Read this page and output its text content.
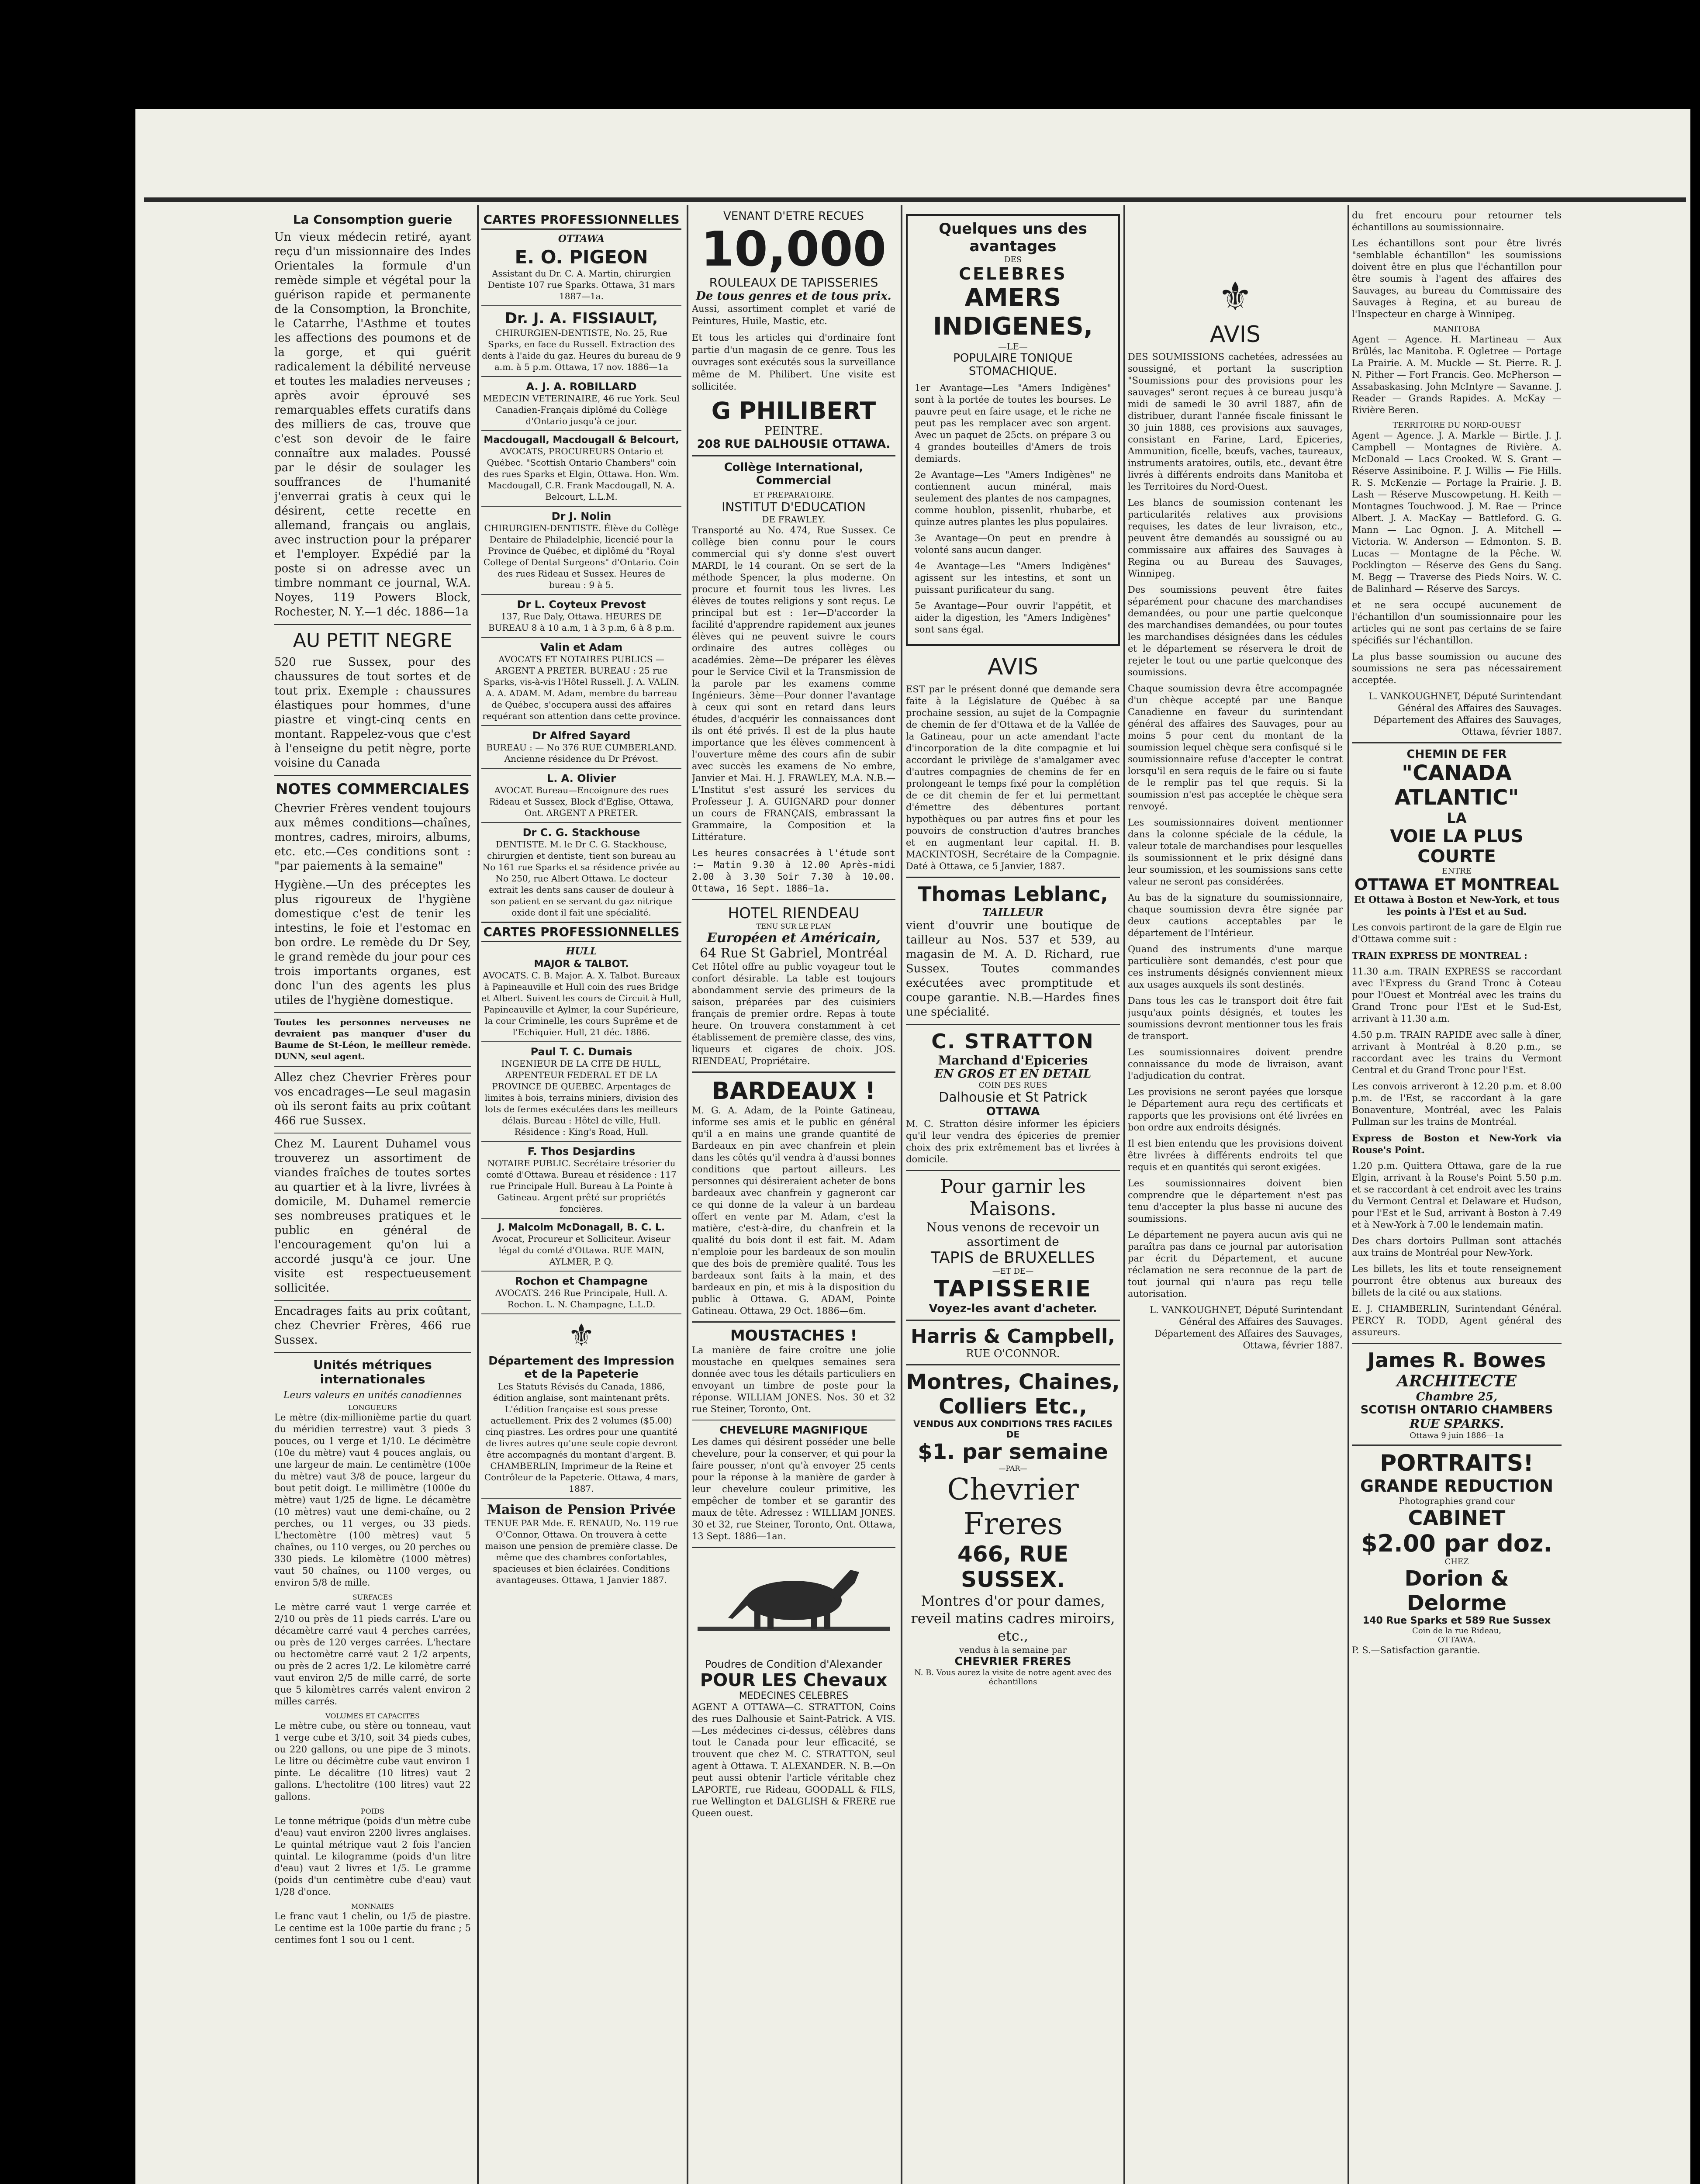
La Consomption guerie

Un vieux médecin retiré, ayant reçu d'un missionnaire des Indes Orientales la formule d'un remède simple et végétal pour la guérison rapide et permanente de la Consomption, la Bronchite, le Catarrhe, l'Asthme et toutes les affections des poumons et de la gorge, et qui guérit radicalement la débilité nerveuse et toutes les maladies nerveuses ; après avoir éprouvé ses remarquables effets curatifs dans des milliers de cas, trouve que c'est son devoir de le faire connaître aux malades. Poussé par le désir de soulager les souffrances de l'humanité j'enverrai gratis à ceux qui le désirent, cette recette en allemand, français ou anglais, avec instruction pour la préparer et l'employer. Expédié par la poste si on adresse avec un timbre nommant ce journal, W.A. Noyes, 119 Powers Block, Rochester, N. Y.—1 déc. 1886—1a

AU PETIT NEGRE

520 rue Sussex, pour des chaussures de tout sortes et de tout prix. Exemple : chaussures élastiques pour hommes, d'une piastre et vingt-cinq cents en montant. Rappelez-vous que c'est à l'enseigne du petit nègre, porte voisine du Canada

NOTES COMMERCIALES

Chevrier Frères vendent toujours aux mêmes conditions—chaînes, montres, cadres, miroirs, albums, etc. etc.—Ces conditions sont : "par paiements à la semaine"

Hygiène.—Un des préceptes les plus rigoureux de l'hygiène domestique c'est de tenir les intestins, le foie et l'estomac en bon ordre. Le remède du Dr Sey, le grand remède du jour pour ces trois importants organes, est donc l'un des agents les plus utiles de l'hygiène domestique.

Toutes les personnes nerveuses ne devraient pas manquer d'user du Baume de St-Léon, le meilleur remède. DUNN, seul agent.

Allez chez Chevrier Frères pour vos encadrages—Le seul magasin où ils seront faits au prix coûtant 466 rue Sussex.

Chez M. Laurent Duhamel vous trouverez un assortiment de viandes fraîches de toutes sortes au quartier et à la livre, livrées à domicile, M. Duhamel remercie ses nombreuses pratiques et le public en général de l'encouragement qu'on lui a accordé jusqu'à ce jour. Une visite est respectueusement sollicitée.

Encadrages faits au prix coûtant, chez Chevrier Frères, 466 rue Sussex.

Unités métriques internationales
Leurs valeurs en unités canadiennes
LONGUEURS

Le mètre (dix-millionième partie du quart du méridien terrestre) vaut 3 pieds 3 pouces, ou 1 verge et 1/10. Le décimètre (10e du mètre) vaut 4 pouces anglais, ou une largeur de main. Le centimètre (100e du mètre) vaut 3/8 de pouce, largeur du bout petit doigt. Le millimètre (1000e du mètre) vaut 1/25 de ligne. Le décamètre (10 mètres) vaut une demi-chaîne, ou 2 perches, ou 11 verges, ou 33 pieds. L'hectomètre (100 mètres) vaut 5 chaînes, ou 110 verges, ou 20 perches ou 330 pieds. Le kilomètre (1000 mètres) vaut 50 chaînes, ou 1100 verges, ou environ 5/8 de mille.

SURFACES

Le mètre carré vaut 1 verge carrée et 2/10 ou près de 11 pieds carrés. L'are ou décamètre carré vaut 4 perches carrées, ou près de 120 verges carrées. L'hectare ou hectomètre carré vaut 2 1/2 arpents, ou près de 2 acres 1/2. Le kilomètre carré vaut environ 2/5 de mille carré, de sorte que 5 kilomètres carrés valent environ 2 milles carrés.

VOLUMES ET CAPACITES

Le mètre cube, ou stère ou tonneau, vaut 1 verge cube et 3/10, soit 34 pieds cubes, ou 220 gallons, ou une pipe de 3 minots. Le litre ou décimètre cube vaut environ 1 pinte. Le décalitre (10 litres) vaut 2 gallons. L'hectolitre (100 litres) vaut 22 gallons.

POIDS

Le tonne métrique (poids d'un mètre cube d'eau) vaut environ 2200 livres anglaises. Le quintal métrique vaut 2 fois l'ancien quintal. Le kilogramme (poids d'un litre d'eau) vaut 2 livres et 1/5. Le gramme (poids d'un centimètre cube d'eau) vaut 1/28 d'once.

MONNAIES

Le franc vaut 1 chelin, ou 1/5 de piastre. Le centime est la 100e partie du franc ; 5 centimes font 1 sou ou 1 cent.

CARTES PROFESSIONNELLES
OTTAWA
E. O. PIGEON
Assistant du Dr. C. A. Martin, chirurgien Dentiste 107 rue Sparks. Ottawa, 31 mars 1887—1a.
Dr. J. A. FISSIAULT,
CHIRURGIEN-DENTISTE, No. 25, Rue Sparks, en face du Russell. Extraction des dents à l'aide du gaz. Heures du bureau de 9 a.m. à 5 p.m. Ottawa, 17 nov. 1886—1a
A. J. A. ROBILLARD
MEDECIN VETERINAIRE, 46 rue York. Seul Canadien-Français diplômé du Collège d'Ontario jusqu'à ce jour.
Macdougall, Macdougall & Belcourt,
AVOCATS, PROCUREURS Ontario et Québec. "Scottish Ontario Chambers" coin des rues Sparks et Elgin, Ottawa. Hon. Wm. Macdougall, C.R. Frank Macdougall, N. A. Belcourt, L.L.M.
Dr J. Nolin
CHIRURGIEN-DENTISTE. Élève du Collège Dentaire de Philadelphie, licencié pour la Province de Québec, et diplômé du "Royal College of Dental Surgeons" d'Ontario. Coin des rues Rideau et Sussex. Heures de bureau : 9 à 5.
Dr L. Coyteux Prevost
137, Rue Daly, Ottawa. HEURES DE BUREAU 8 à 10 a.m, 1 à 3 p.m, 6 à 8 p.m.
Valin et Adam
AVOCATS ET NOTAIRES PUBLICS — ARGENT A PRETER. BUREAU : 25 rue Sparks, vis-à-vis l'Hôtel Russell. J. A. VALIN. A. A. ADAM. M. Adam, membre du barreau de Québec, s'occupera aussi des affaires requérant son attention dans cette province.
Dr Alfred Sayard
BUREAU : — No 376 RUE CUMBERLAND. Ancienne résidence du Dr Prévost.
L. A. Olivier
AVOCAT. Bureau—Encoignure des rues Rideau et Sussex, Block d'Eglise, Ottawa, Ont. ARGENT A PRETER.
Dr C. G. Stackhouse
DENTISTE. M. le Dr C. G. Stackhouse, chirurgien et dentiste, tient son bureau au No 161 rue Sparks et sa résidence privée au No 250, rue Albert Ottawa. Le docteur extrait les dents sans causer de douleur à son patient en se servant du gaz nitrique oxide dont il fait une spécialité.
CARTES PROFESSIONNELLES
HULL
MAJOR & TALBOT.
AVOCATS. C. B. Major. A. X. Talbot. Bureaux à Papineauville et Hull coin des rues Bridge et Albert. Suivent les cours de Circuit à Hull, Papineauville et Aylmer, la cour Supérieure, la cour Criminelle, les cours Suprême et de l'Echiquier. Hull, 21 déc. 1886.
Paul T. C. Dumais
INGENIEUR DE LA CITE DE HULL, ARPENTEUR FEDERAL ET DE LA PROVINCE DE QUEBEC. Arpentages de limites à bois, terrains miniers, division des lots de fermes exécutées dans les meilleurs délais. Bureau : Hôtel de ville, Hull. Résidence : King's Road, Hull.
F. Thos Desjardins
NOTAIRE PUBLIC. Secrétaire trésorier du comté d'Ottawa. Bureau et résidence : 117 rue Principale Hull. Bureau à La Pointe à Gatineau. Argent prêté sur propriétés foncières.
J. Malcolm McDonagall, B. C. L.
Avocat, Procureur et Solliciteur. Aviseur légal du comté d'Ottawa. RUE MAIN, AYLMER, P. Q.
Rochon et Champagne
AVOCATS. 246 Rue Principale, Hull. A. Rochon. L. N. Champagne, L.L.D.
⚜
Département des Impression et de la Papeterie
Les Statuts Révisés du Canada, 1886, édition anglaise, sont maintenant prêts. L'édition française est sous presse actuellement. Prix des 2 volumes ($5.00) cinq piastres. Les ordres pour une quantité de livres autres qu'une seule copie devront être accompagnés du montant d'argent. B. CHAMBERLIN, Imprimeur de la Reine et Contrôleur de la Papeterie. Ottawa, 4 mars, 1887.
Maison de Pension Privée
TENUE PAR Mde. E. RENAUD, No. 119 rue O'Connor, Ottawa. On trouvera à cette maison une pension de première classe. De même que des chambres confortables, spacieuses et bien éclairées. Conditions avantageuses. Ottawa, 1 Janvier 1887.
VENANT D'ETRE RECUES
10,000
ROULEAUX DE TAPISSERIES
De tous genres et de tous prix.

Aussi, assortiment complet et varié de Peintures, Huile, Mastic, etc.

Et tous les articles qui d'ordinaire font partie d'un magasin de ce genre. Tous les ouvrages sont exécutés sous la surveillance même de M. Philibert. Une visite est sollicitée.

G PHILIBERT
PEINTRE.
208 RUE DALHOUSIE OTTAWA.
Collège International, Commercial
ET PREPARATOIRE.
INSTITUT D'EDUCATION
DE FRAWLEY.

Transporté au No. 474, Rue Sussex. Ce collège bien connu pour le cours commercial qui s'y donne s'est ouvert MARDI, le 14 courant. On se sert de la méthode Spencer, la plus moderne. On procure et fournit tous les livres. Les élèves de toutes religions y sont reçus. Le principal but est : 1er—D'accorder la facilité d'apprendre rapidement aux jeunes élèves qui ne peuvent suivre le cours ordinaire des autres collèges ou académies. 2ème—De préparer les élèves pour le Service Civil et la Transmission de la parole par les examens comme Ingénieurs. 3ème—Pour donner l'avantage à ceux qui sont en retard dans leurs études, d'acquérir les connaissances dont ils ont été privés. Il est de la plus haute importance que les élèves commencent à l'ouverture même des cours afin de subir avec succès les examens de No embre, Janvier et Mai. H. J. FRAWLEY, M.A. N.B.—L'Institut s'est assuré les services du Professeur J. A. GUIGNARD pour donner un cours de FRANÇAIS, embrassant la Grammaire, la Composition et la Littérature.

Les heures consacrées à l'étude sont :— Matin 9.30 à 12.00 Après-midi 2.00 à 3.30 Soir 7.30 à 10.00. Ottawa, 16 Sept. 1886—1a.

HOTEL RIENDEAU
TENU SUR LE PLAN
Européen et Américain,
64 Rue St Gabriel, Montréal

Cet Hôtel offre au public voyageur tout le confort désirable. La table est toujours abondamment servie des primeurs de la saison, préparées par des cuisiniers français de premier ordre. Repas à toute heure. On trouvera constamment à cet établissement de première classe, des vins, liqueurs et cigares de choix. JOS. RIENDEAU, Propriétaire.

BARDEAUX !

M. G. A. Adam, de la Pointe Gatineau, informe ses amis et le public en général qu'il a en mains une grande quantité de Bardeaux en pin avec chanfrein et plein dans les côtés qu'il vendra à d'aussi bonnes conditions que partout ailleurs. Les personnes qui désireraient acheter de bons bardeaux avec chanfrein y gagneront car ce qui donne de la valeur à un bardeau offert en vente par M. Adam, c'est la matière, c'est-à-dire, du chanfrein et la qualité du bois dont il est fait. M. Adam n'emploie pour les bardeaux de son moulin que des bois de première qualité. Tous les bardeaux sont faits à la main, et des bardeaux en pin, et mis à la disposition du public à Ottawa. G. ADAM, Pointe Gatineau. Ottawa, 29 Oct. 1886—6m.

MOUSTACHES !

La manière de faire croître une jolie moustache en quelques semaines sera donnée avec tous les détails particuliers en envoyant un timbre de poste pour la réponse. WILLIAM JONES. Nos. 30 et 32 rue Steiner, Toronto, Ont.

CHEVELURE MAGNIFIQUE

Les dames qui désirent posséder une belle chevelure, pour la conserver, et qui pour la faire pousser, n'ont qu'à envoyer 25 cents pour la réponse à la manière de garder à leur chevelure couleur primitive, les empêcher de tomber et se garantir des maux de tête. Adressez : WILLIAM JONES. 30 et 32, rue Steiner, Toronto, Ont. Ottawa, 13 Sept. 1886—1an.

Poudres de Condition d'Alexander
POUR LES Chevaux
MEDECINES CELEBRES

AGENT A OTTAWA—C. STRATTON, Coins des rues Dalhousie et Saint-Patrick. A VIS.—Les médecines ci-dessus, célèbres dans tout le Canada pour leur efficacité, se trouvent que chez M. C. STRATTON, seul agent à Ottawa. T. ALEXANDER. N. B.—On peut aussi obtenir l'article véritable chez LAPORTE, rue Rideau, GOODALL & FILS, rue Wellington et DALGLISH & FRERE rue Queen ouest.

Quelques uns des avantages
DES
CELEBRES
AMERS INDIGENES,
—LE—
POPULAIRE TONIQUE STOMACHIQUE.

1er Avantage—Les "Amers Indigènes" sont à la portée de toutes les bourses. Le pauvre peut en faire usage, et le riche ne peut pas les remplacer avec son argent. Avec un paquet de 25cts. on prépare 3 ou 4 grandes bouteilles d'Amers de trois demiards.

2e Avantage—Les "Amers Indigènes" ne contiennent aucun minéral, mais seulement des plantes de nos campagnes, comme houblon, pissenlit, rhubarbe, et quinze autres plantes les plus populaires.

3e Avantage—On peut en prendre à volonté sans aucun danger.

4e Avantage—Les "Amers Indigènes" agissent sur les intestins, et sont un puissant purificateur du sang.

5e Avantage—Pour ouvrir l'appétit, et aider la digestion, les "Amers Indigènes" sont sans égal.

AVIS

EST par le présent donné que demande sera faite à la Législature de Québec à sa prochaine session, au sujet de la Compagnie de chemin de fer d'Ottawa et de la Vallée de la Gatineau, pour un acte amendant l'acte d'incorporation de la dite compagnie et lui accordant le privilège de s'amalgamer avec d'autres compagnies de chemins de fer en prolongeant le temps fixé pour la complétion de ce dit chemin de fer et lui permettant d'émettre des débentures portant hypothèques ou par autres fins et pour les pouvoirs de construction d'autres branches et en augmentant leur capital. H. B. MACKINTOSH, Secrétaire de la Compagnie. Daté à Ottawa, ce 5 Janvier, 1887.

Thomas Leblanc,
TAILLEUR

vient d'ouvrir une boutique de tailleur au Nos. 537 et 539, au magasin de M. A. D. Richard, rue Sussex. Toutes commandes exécutées avec promptitude et coupe garantie. N.B.—Hardes fines une spécialité.

C. STRATTON
Marchand d'Epiceries
EN GROS ET EN DETAIL
COIN DES RUES
Dalhousie et St Patrick
OTTAWA

M. C. Stratton désire informer les épiciers qu'il leur vendra des épiceries de premier choix des prix extrêmement bas et livrées à domicile.

Pour garnir les Maisons.
Nous venons de recevoir un assortiment de
TAPIS de BRUXELLES
—ET DE—
TAPISSERIE
Voyez-les avant d'acheter.
Harris & Campbell,
RUE O'CONNOR.
Montres, Chaines,
Colliers Etc.,
VENDUS AUX CONDITIONS TRES FACILES DE
$1. par semaine
—PAR—
Chevrier Freres
466, RUE SUSSEX.
Montres d'or pour dames, reveil matins cadres miroirs, etc.,
vendus à la semaine par
CHEVRIER FRERES
N. B. Vous aurez la visite de notre agent avec des échantillons
⚜
AVIS

DES SOUMISSIONS cachetées, adressées au soussigné, et portant la suscription "Soumissions pour des provisions pour les sauvages" seront reçues à ce bureau jusqu'à midi de samedi le 30 avril 1887, afin de distribuer, durant l'année fiscale finissant le 30 juin 1888, ces provisions aux sauvages, consistant en Farine, Lard, Epiceries, Ammunition, ficelle, bœufs, vaches, taureaux, instruments aratoires, outils, etc., devant être livrés à différents endroits dans Manitoba et les Territoires du Nord-Ouest.

Les blancs de soumission contenant les particularités relatives aux provisions requises, les dates de leur livraison, etc., peuvent être demandés au soussigné ou au commissaire aux affaires des Sauvages à Regina ou au Bureau des Sauvages, Winnipeg.

Des soumissions peuvent être faites séparément pour chacune des marchandises demandées, ou pour une partie quelconque des marchandises demandées, ou pour toutes les marchandises désignées dans les cédules et le département se réservera le droit de rejeter le tout ou une partie quelconque des soumissions.

Chaque soumission devra être accompagnée d'un chèque accepté par une Banque Canadienne en faveur du surintendant général des affaires des Sauvages, pour au moins 5 pour cent du montant de la soumission lequel chèque sera confisqué si le soumissionnaire refuse d'accepter le contrat lorsqu'il en sera requis de le faire ou si faute de le remplir pas tel que requis. Si la soumission n'est pas acceptée le chèque sera renvoyé.

Les soumissionnaires doivent mentionner dans la colonne spéciale de la cédule, la valeur totale de marchandises pour lesquelles ils soumissionnent et le prix désigné dans leur soumission, et les soumissions sans cette valeur ne seront pas considérées.

Au bas de la signature du soumissionnaire, chaque soumission devra être signée par deux cautions acceptables par le département de l'Intérieur.

Quand des instruments d'une marque particulière sont demandés, c'est pour que ces instruments désignés conviennent mieux aux usages auxquels ils sont destinés.

Dans tous les cas le transport doit être fait jusqu'aux points désignés, et toutes les soumissions devront mentionner tous les frais de transport.

Les soumissionnaires doivent prendre connaissance du mode de livraison, avant l'adjudication du contrat.

Les provisions ne seront payées que lorsque le Département aura reçu des certificats et rapports que les provisions ont été livrées en bon ordre aux endroits désignés.

Il est bien entendu que les provisions doivent être livrées à différents endroits tel que requis et en quantités qui seront exigées.

Les soumissionnaires doivent bien comprendre que le département n'est pas tenu d'accepter la plus basse ni aucune des soumissions.

Le département ne payera aucun avis qui ne paraîtra pas dans ce journal par autorisation par écrit du Département, et aucune réclamation ne sera reconnue de la part de tout journal qui n'aura pas reçu telle autorisation.

L. VANKOUGHNET, Député Surintendant Général des Affaires des Sauvages. Département des Affaires des Sauvages, Ottawa, février 1887.

du fret encouru pour retourner tels échantillons au soumissionnaire.

Les échantillons sont pour être livrés "semblable échantillon" les soumissions doivent être en plus que l'échantillon pour être soumis à l'agent des affaires des Sauvages, au bureau du Commissaire des Sauvages à Regina, et au bureau de l'Inspecteur en charge à Winnipeg.

MANITOBA

Agent — Agence. H. Martineau — Aux Brûlés, lac Manitoba. F. Ogletree — Portage La Prairie. A. M. Muckle — St. Pierre. R. J. N. Pither — Fort Francis. Geo. McPherson — Assabaskasing. John McIntyre — Savanne. J. Reader — Grands Rapides. A. McKay — Rivière Beren.

TERRITOIRE DU NORD-OUEST

Agent — Agence. J. A. Markle — Birtle. J. J. Campbell — Montagnes de Rivière. A. McDonald — Lacs Crooked. W. S. Grant — Réserve Assiniboine. F. J. Willis — Fie Hills. R. S. McKenzie — Portage la Prairie. J. B. Lash — Réserve Muscowpetung. H. Keith — Montagnes Touchwood. J. M. Rae — Prince Albert. J. A. MacKay — Battleford. G. G. Mann — Lac Ognon. J. A. Mitchell — Victoria. W. Anderson — Edmonton. S. B. Lucas — Montagne de la Pêche. W. Pocklington — Réserve des Gens du Sang. M. Begg — Traverse des Pieds Noirs. W. C. de Balinhard — Réserve des Sarcys.

et ne sera occupé aucunement de l'échantillon d'un soumissionnaire pour les articles qui ne sont pas certains de se faire spécifiés sur l'échantillon.

La plus basse soumission ou aucune des soumissions ne sera pas nécessairement acceptée.

L. VANKOUGHNET, Député Surintendant Général des Affaires des Sauvages. Département des Affaires des Sauvages, Ottawa, février 1887.

CHEMIN DE FER
"CANADA ATLANTIC"
LA
VOIE LA PLUS COURTE
ENTRE
OTTAWA ET MONTREAL

Et Ottawa à Boston et New-York, et tous les points à l'Est et au Sud.

Les convois partiront de la gare de Elgin rue d'Ottawa comme suit :

TRAIN EXPRESS DE MONTREAL :

11.30 a.m. TRAIN EXPRESS se raccordant avec l'Express du Grand Tronc à Coteau pour l'Ouest et Montréal avec les trains du Grand Tronc pour l'Est et le Sud-Est, arrivant à 11.30 a.m.

4.50 p.m. TRAIN RAPIDE avec salle à dîner, arrivant à Montréal à 8.20 p.m., se raccordant avec les trains du Vermont Central et du Grand Tronc pour l'Est.

Les convois arriveront à 12.20 p.m. et 8.00 p.m. de l'Est, se raccordant à la gare Bonaventure, Montréal, avec les Palais Pullman sur les trains de Montréal.

Express de Boston et New-York via Rouse's Point.

1.20 p.m. Quittera Ottawa, gare de la rue Elgin, arrivant à la Rouse's Point 5.50 p.m. et se raccordant à cet endroit avec les trains du Vermont Central et Delaware et Hudson, pour l'Est et le Sud, arrivant à Boston à 7.49 et à New-York à 7.00 le lendemain matin.

Des chars dortoirs Pullman sont attachés aux trains de Montréal pour New-York.

Les billets, les lits et toute renseignement pourront être obtenus aux bureaux des billets de la cité ou aux stations.

E. J. CHAMBERLIN, Surintendant Général. PERCY R. TODD, Agent général des assureurs.

James R. Bowes
ARCHITECTE
Chambre 25,
SCOTISH ONTARIO CHAMBERS
RUE SPARKS.
Ottawa 9 juin 1886—1a
PORTRAITS!
GRANDE REDUCTION
Photographies grand cour
CABINET
$2.00 par doz.
CHEZ
Dorion & Delorme
140 Rue Sparks et 589 Rue Sussex
Coin de la rue Rideau,
OTTAWA.

P. S.—Satisfaction garantie.
